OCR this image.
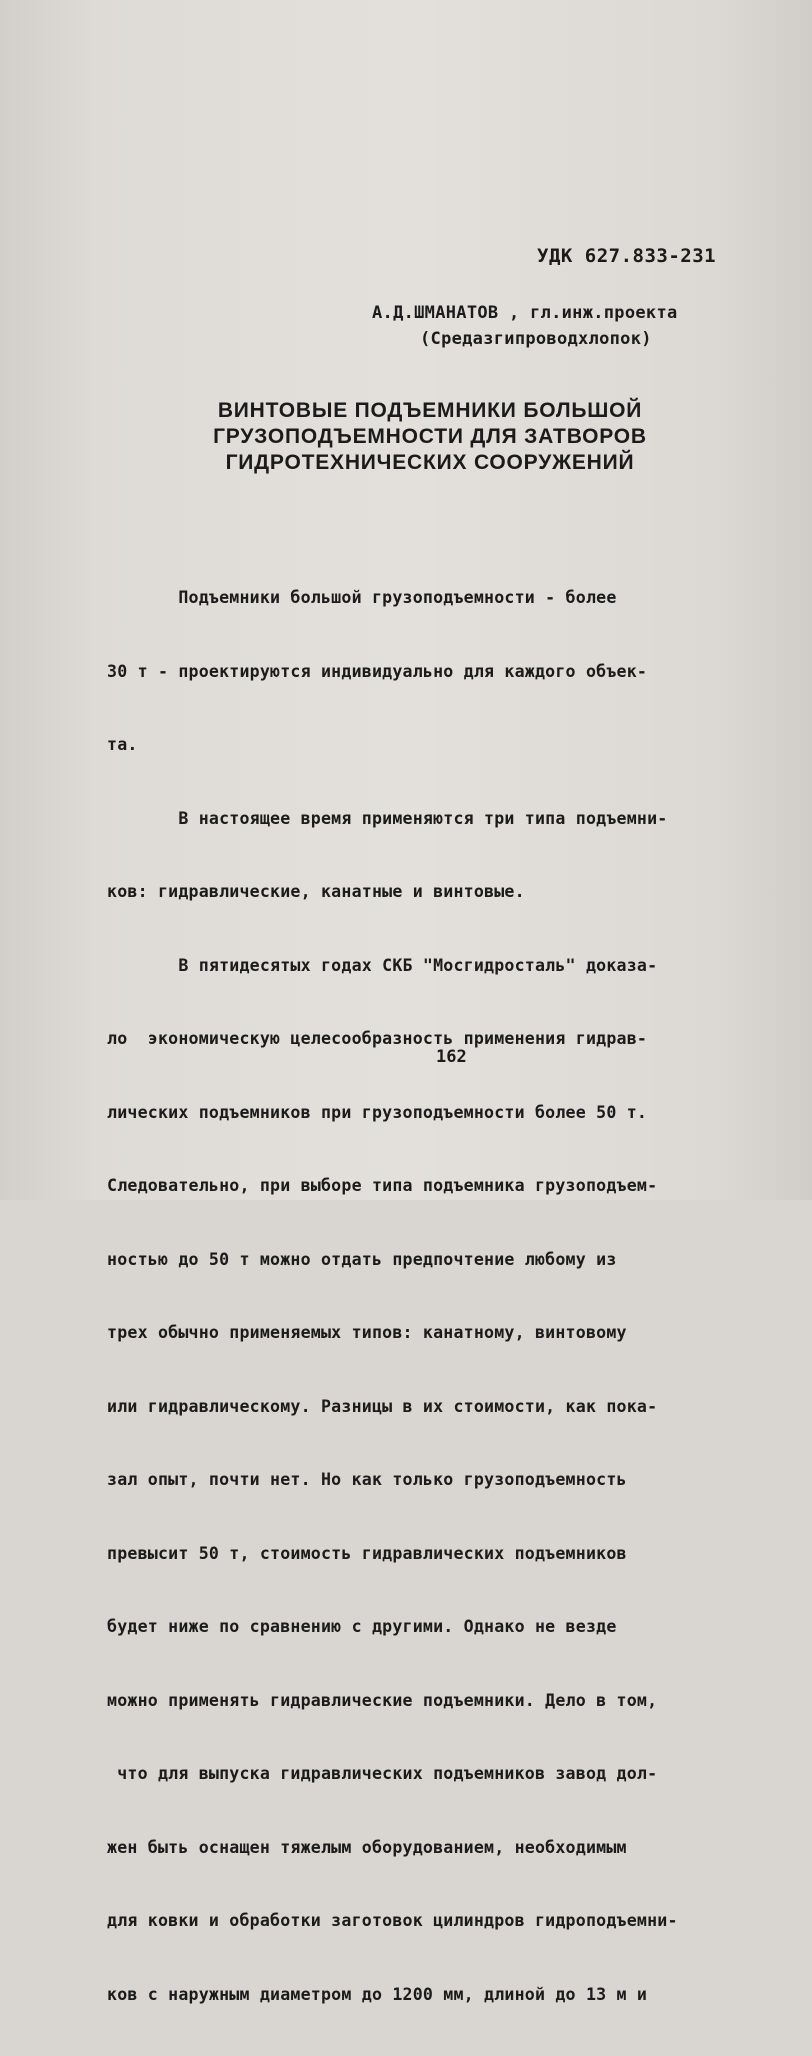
УДК 627.833-231
А.Д.ШМАНАТОВ , гл.инж.проекта
(Средазгипроводхлопок)
ВИНТОВЫЕ ПОДЪЕМНИКИ БОЛЬШОЙ
ГРУЗОПОДЪЕМНОСТИ ДЛЯ ЗАТВОРОВ
ГИДРОТЕХНИЧЕСКИХ СООРУЖЕНИЙ

Подъемники большой грузоподъемности - более

30 т - проектируются индивидуально для каждого объек-

та.

В настоящее время применяются три типа подъемни-

ков: гидравлические, канатные и винтовые.

В пятидесятых годах СКБ "Мосгидросталь" доказа-

ло  экономическую целесообразность применения гидрав-

лических подъемников при грузоподъемности более 50 т.

Следовательно, при выборе типа подъемника грузоподъем-

ностью до 50 т можно отдать предпочтение любому из

трех обычно применяемых типов: канатному, винтовому

или гидравлическому. Разницы в их стоимости, как пока-

зал опыт, почти нет. Но как только грузоподъемность

превысит 50 т, стоимость гидравлических подъемников

будет ниже по сравнению с другими. Однако не везде

можно применять гидравлические подъемники. Дело в том,

что для выпуска гидравлических подъемников завод дол-

жен быть оснащен тяжелым оборудованием, необходимым

для ковки и обработки заготовок цилиндров гидроподъемни-

ков с наружным диаметром до 1200 мм, длиной до 13 м и

162
